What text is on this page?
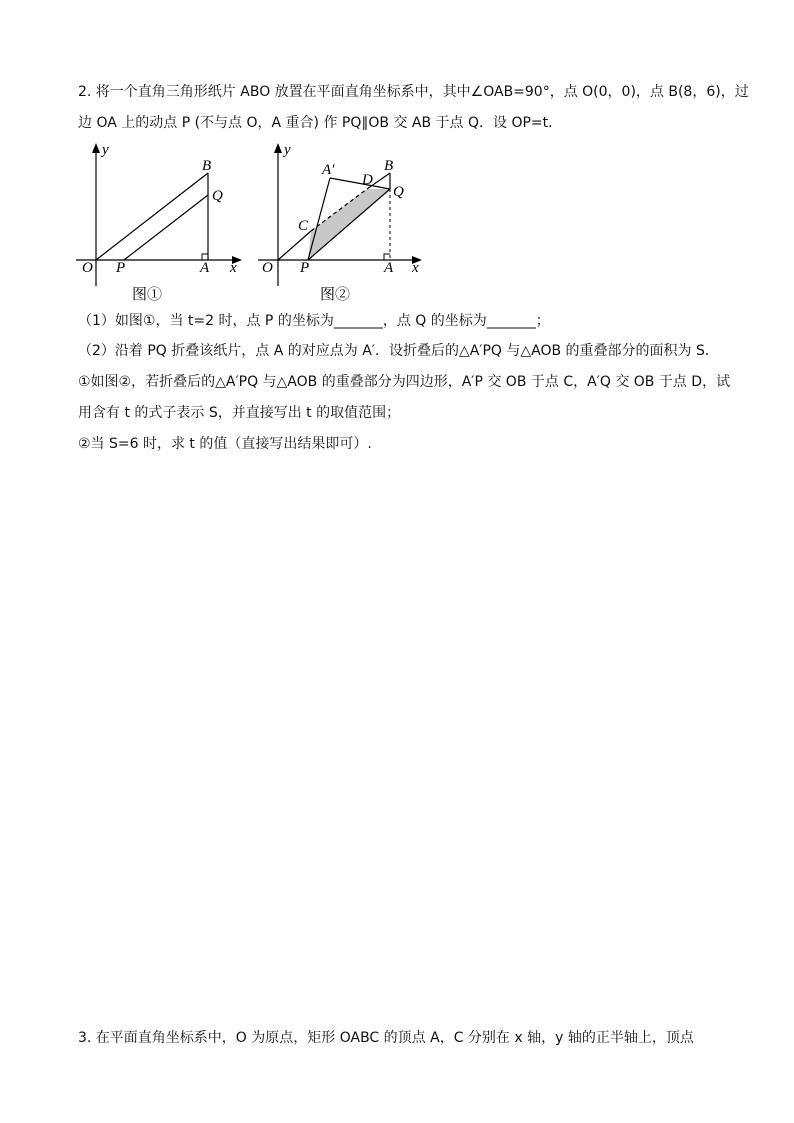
2. 将一个直角三角形纸片 ABO 放置在平面直角坐标系中，其中∠OAB=90°，点 O(0，0)，点 B(8，6)，过
边 OA 上的动点 P (不与点 O，A 重合) 作 PQ∥OB 交 AB 于点 Q．设 OP=t．
y
x
O P	A
B
Q
图①
y
x
O P	A
B
Q
A′
C
D
图②
（1）如图①，当 t=2 时，点 P 的坐标为_______，点 Q 的坐标为_______；
（2）沿着 PQ 折叠该纸片，点 A 的对应点为 A′．设折叠后的△A′PQ 与△AOB 的重叠部分的面积为 S．
①如图②，若折叠后的△A′PQ 与△AOB 的重叠部分为四边形，A′P 交 OB 于点 C，A′Q 交 OB 于点 D，试
用含有 t 的式子表示 S，并直接写出 t 的取值范围；
②当 S=6 时，求 t 的值（直接写出结果即可）.
3. 在平面直角坐标系中，O 为原点，矩形 OABC 的顶点 A，C 分别在 x 轴，y 轴的正半轴上，顶点
